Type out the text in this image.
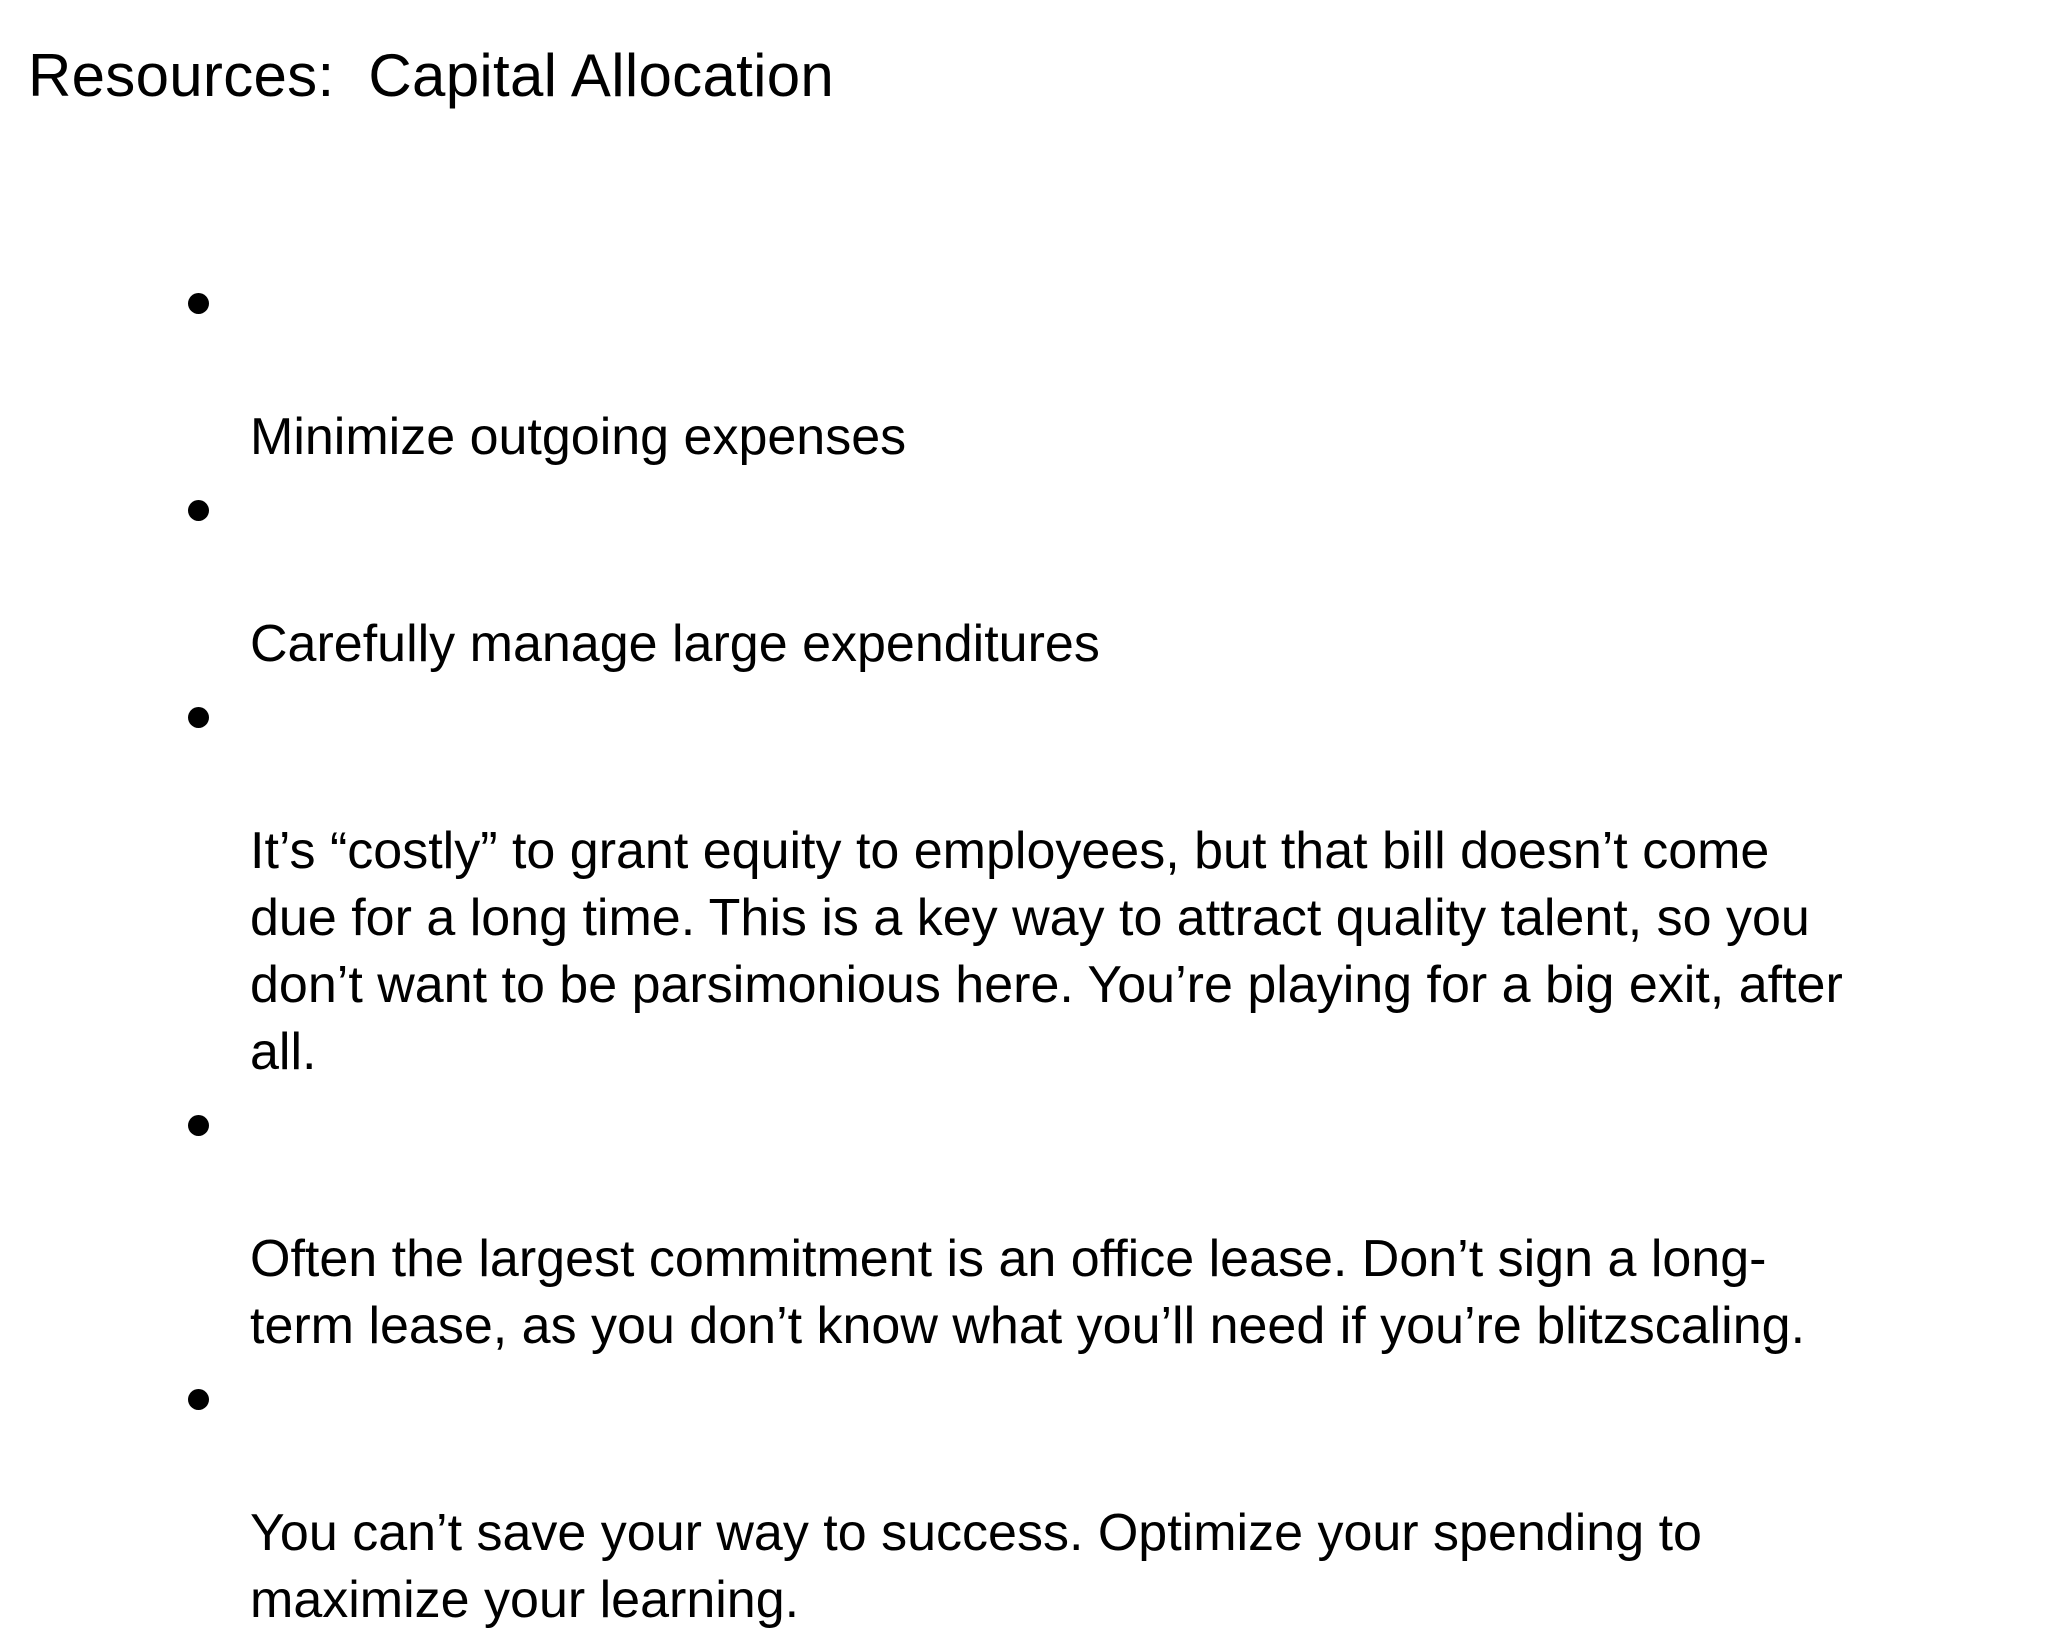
Resources:  Capital Allocation

Minimize outgoing expenses

Carefully manage large expenditures

It’s “costly” to grant equity to employees, but that bill doesn’t come
due for a long time. This is a key way to attract quality talent, so you
don’t want to be parsimonious here. You’re playing for a big exit, after
all.

Often the largest commitment is an office lease. Don’t sign a long-
term lease, as you don’t know what you’ll need if you’re blitzscaling.

You can’t save your way to success. Optimize your spending to
maximize your learning.
